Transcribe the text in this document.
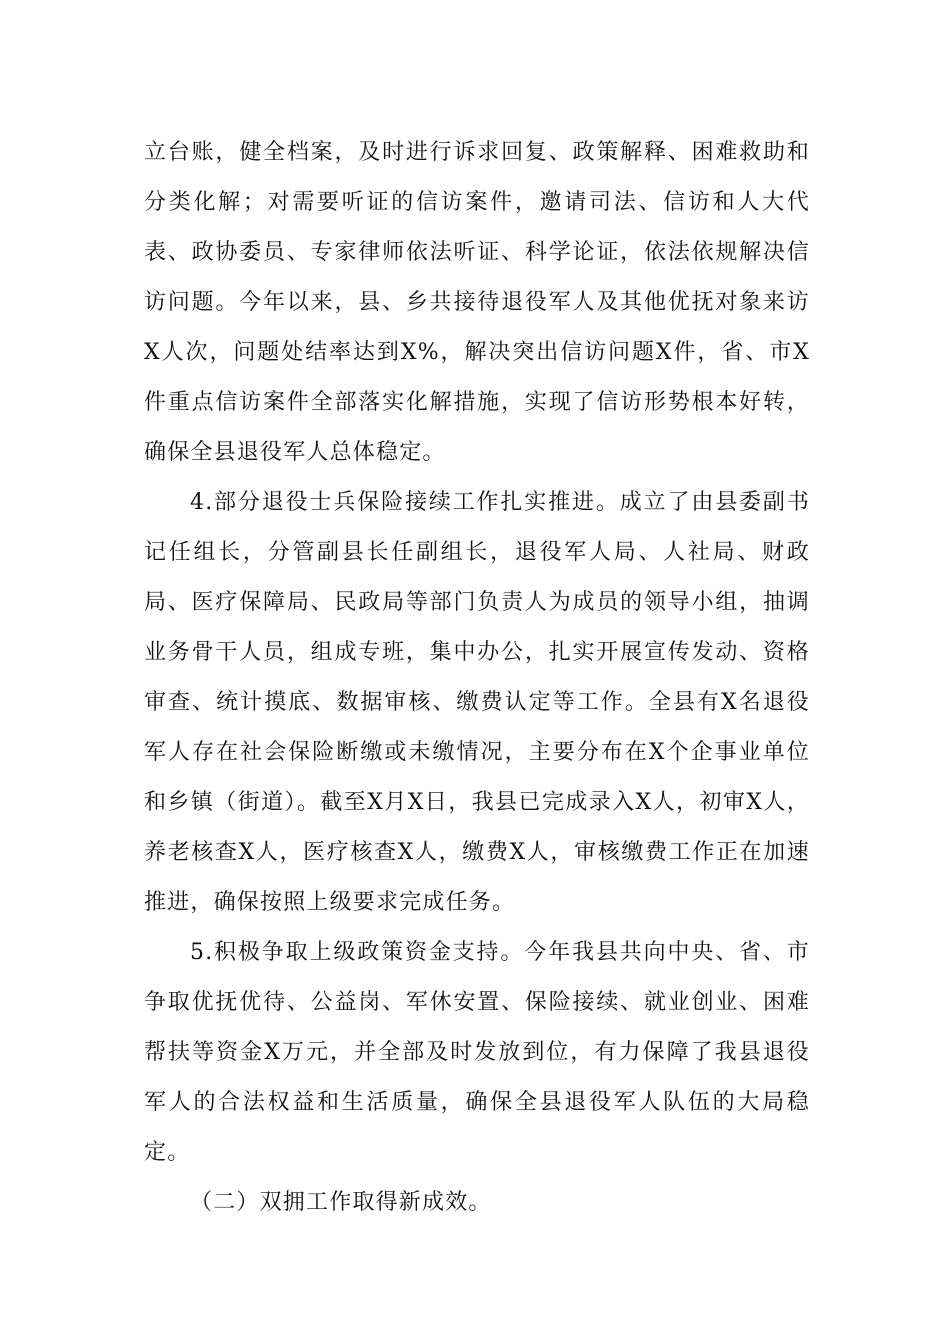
立台账，健全档案，及时进行诉求回复、政策解释、困难救助和分类化解；对需要听证的信访案件，邀请司法、信访和人大代表、政协委员、专家律师依法听证、科学论证，依法依规解决信访问题。今年以来，县、乡共接待退役军人及其他优抚对象来访X人次，问题处结率达到X%，解决突出信访问题X件，省、市X件重点信访案件全部落实化解措施，实现了信访形势根本好转，确保全县退役军人总体稳定。

4.部分退役士兵保险接续工作扎实推进。成立了由县委副书记任组长，分管副县长任副组长，退役军人局、人社局、财政局、医疗保障局、民政局等部门负责人为成员的领导小组，抽调业务骨干人员，组成专班，集中办公，扎实开展宣传发动、资格审查、统计摸底、数据审核、缴费认定等工作。全县有X名退役军人存在社会保险断缴或未缴情况，主要分布在X个企事业单位和乡镇（街道）。截至X月X日，我县已完成录入X人，初审X人，养老核查X人，医疗核查X人，缴费X人，审核缴费工作正在加速推进，确保按照上级要求完成任务。

5.积极争取上级政策资金支持。今年我县共向中央、省、市争取优抚优待、公益岗、军休安置、保险接续、就业创业、困难帮扶等资金X万元，并全部及时发放到位，有力保障了我县退役军人的合法权益和生活质量，确保全县退役军人队伍的大局稳定。

（二）双拥工作取得新成效。
